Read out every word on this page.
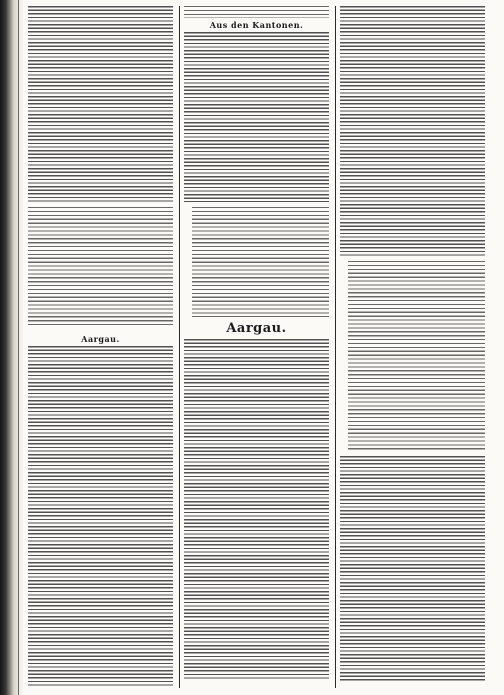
Aargau.
Aus den Kantonen.
Aargau.
